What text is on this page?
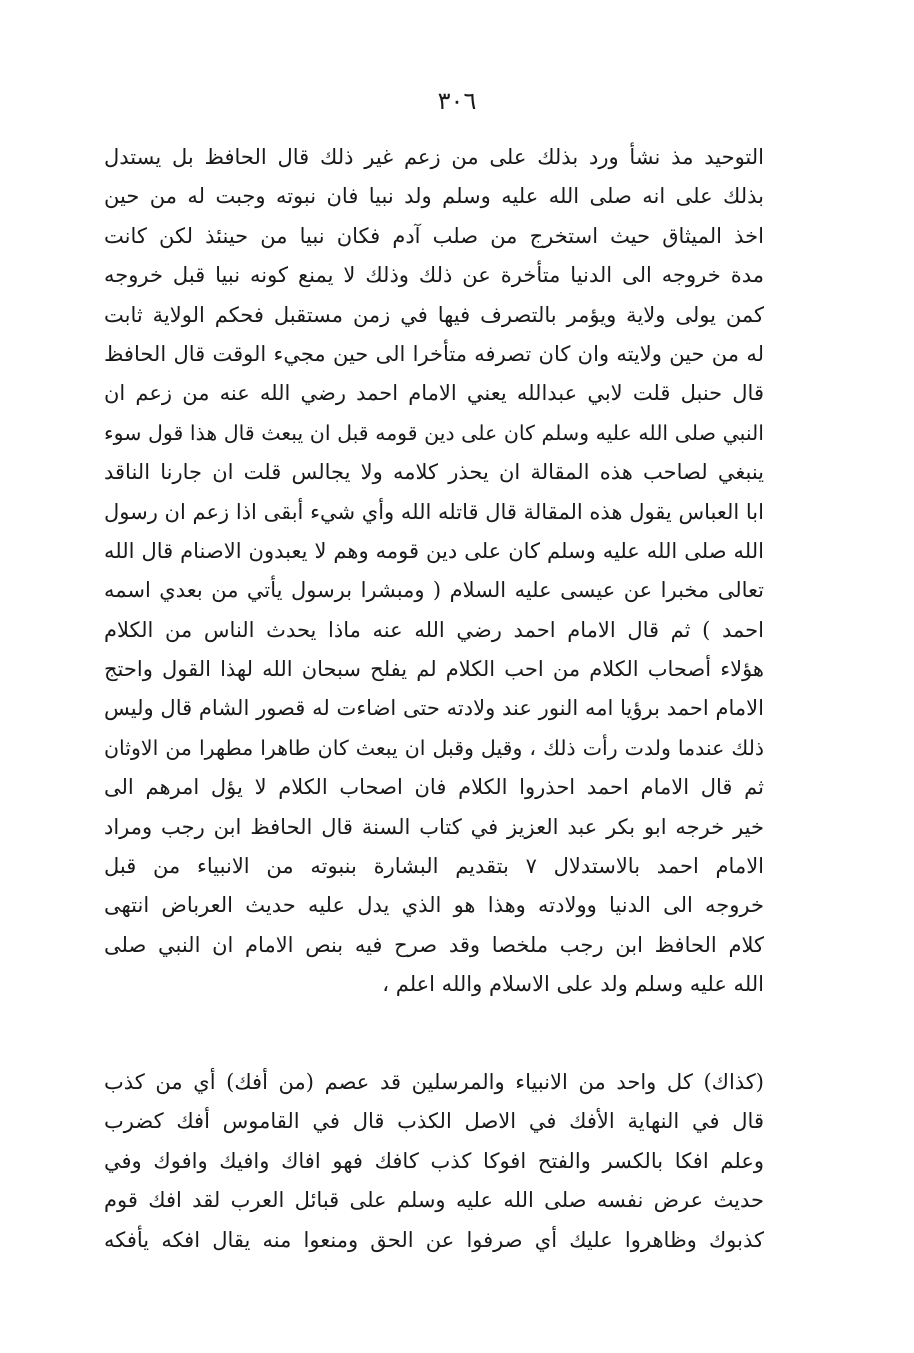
٣٠٦
التوحيد مذ نشأ ورد بذلك على من زعم غير ذلك قال الحافظ بل يستدل
بذلك على انه صلى الله عليه وسلم ولد نبيا فان نبوته وجبت له من حين
اخذ الميثاق حيث استخرج من صلب آدم فكان نبيا من حينئذ لكن كانت
مدة خروجه الى الدنيا متأخرة عن ذلك وذلك لا يمنع كونه نبيا قبل خروجه
كمن يولى ولاية ويؤمر بالتصرف فيها في زمن مستقبل فحكم الولاية ثابت
له من حين ولايته وان كان تصرفه متأخرا الى حين مجيء الوقت قال الحافظ
قال حنبل قلت لابي عبدالله يعني الامام احمد رضي الله عنه من زعم ان
النبي صلى الله عليه وسلم كان على دين قومه قبل ان يبعث قال هذا قول سوء
ينبغي لصاحب هذه المقالة ان يحذر كلامه ولا يجالس قلت ان جارنا الناقد
ابا العباس يقول هذه المقالة قال قاتله الله وأي شيء أبقى اذا زعم ان رسول
الله صلى الله عليه وسلم كان على دين قومه وهم لا يعبدون الاصنام قال الله
تعالى مخبرا عن عيسى عليه السلام ( ومبشرا برسول يأتي من بعدي اسمه
احمد ) ثم قال الامام احمد رضي الله عنه ماذا يحدث الناس من الكلام
هؤلاء أصحاب الكلام من احب الكلام لم يفلح سبحان الله لهذا القول واحتج
الامام احمد برؤيا امه النور عند ولادته حتى اضاءت له قصور الشام قال وليس
ذلك عندما ولدت رأت ذلك ، وقيل وقبل ان يبعث كان طاهرا مطهرا من الاوثان
ثم قال الامام احمد احذروا الكلام فان اصحاب الكلام لا يؤل امرهم الى
خير خرجه ابو بكر عبد العزيز في كتاب السنة قال الحافظ ابن رجب ومراد
الامام احمد بالاستدلال ٧ بتقديم البشارة بنبوته من الانبياء من قبل
خروجه الى الدنيا وولادته وهذا هو الذي يدل عليه حديث العرباض انتهى
كلام الحافظ ابن رجب ملخصا وقد صرح فيه بنص الامام ان النبي صلى
الله عليه وسلم ولد على الاسلام والله اعلم ،
(كذاك) كل واحد من الانبياء والمرسلين قد عصم (من أفك) أي من كذب
قال في النهاية الأفك في الاصل الكذب قال في القاموس أفك كضرب
وعلم افكا بالكسر والفتح افوكا كذب كافك فهو افاك وافيك وافوك وفي
حديث عرض نفسه صلى الله عليه وسلم على قبائل العرب لقد افك قوم
كذبوك وظاهروا عليك أي صرفوا عن الحق ومنعوا منه يقال افكه يأفكه
